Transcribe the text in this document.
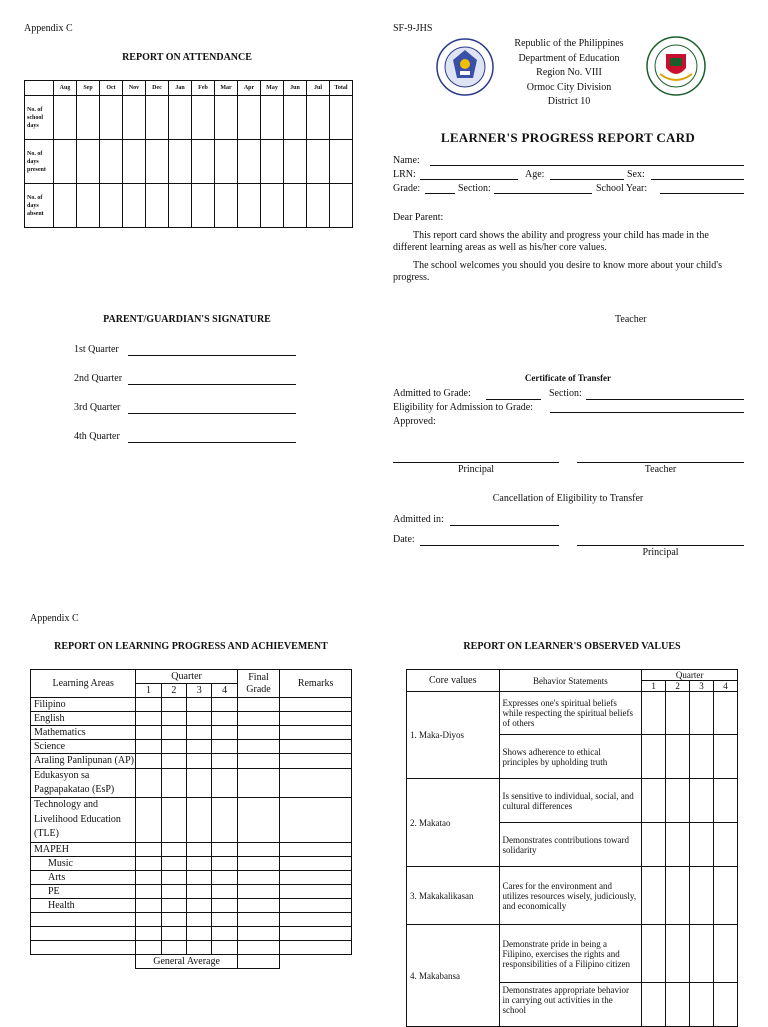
Appendix C
REPORT ON ATTENDANCE
	Aug	Sep	Oct	Nov	Dec	Jan	Feb	Mar	Apr	May	Jun	Jul	Total
No. of school days													
No. of days present													
No. of days absent													
PARENT/GUARDIAN'S SIGNATURE
1st Quarter
2nd Quarter
3rd Quarter
4th Quarter
SF-9-JHS
Republic of the Philippines
Department of Education
Region No. VIII
Ormoc City Division
District 10
LEARNER'S PROGRESS REPORT CARD
Name:
LRN:	Age:	Sex:
Grade:	Section:	School Year:
Dear Parent:
This report card shows the ability and progress your child has made in the different learning areas as well as his/her core values.
The school welcomes you should you desire to know more about your child's progress.
Teacher
Certificate of Transfer
Admitted to Grade:	Section:
Eligibility for Admission to Grade:
Approved:
Principal	Teacher
Cancellation of Eligibility to Transfer
Admitted in:
Date:
Principal
Appendix C
REPORT ON LEARNING PROGRESS AND ACHIEVEMENT
Learning Areas	Quarter				Final Grade	Remarks
	1	2	3	4		
Filipino						
English						
Mathematics						
Science						
Araling Panlipunan (AP)						
Edukasyon sa Pagpapakatao (EsP)						
Technology and Livelihood Education (TLE)						
MAPEH						
Music						
Arts						
PE						
Health						

	General Average					
REPORT ON LEARNER'S OBSERVED VALUES
Core values	Behavior Statements	Quarter			
		1	2	3	4
1. Maka-Diyos	Expresses one's spiritual beliefs while respecting the spiritual beliefs of others				
	Shows adherence to ethical principles by upholding truth				
2. Makatao	Is sensitive to individual, social, and cultural differences				
	Demonstrates contributions toward solidarity				
3. Makakalikasan	Cares for the environment and utilizes resources wisely, judiciously, and economically				
4. Makabansa	Demonstrate pride in being a Filipino, exercises the rights and responsibilities of a Filipino citizen				
	Demonstrates appropriate behavior in carrying out activities in the school				
